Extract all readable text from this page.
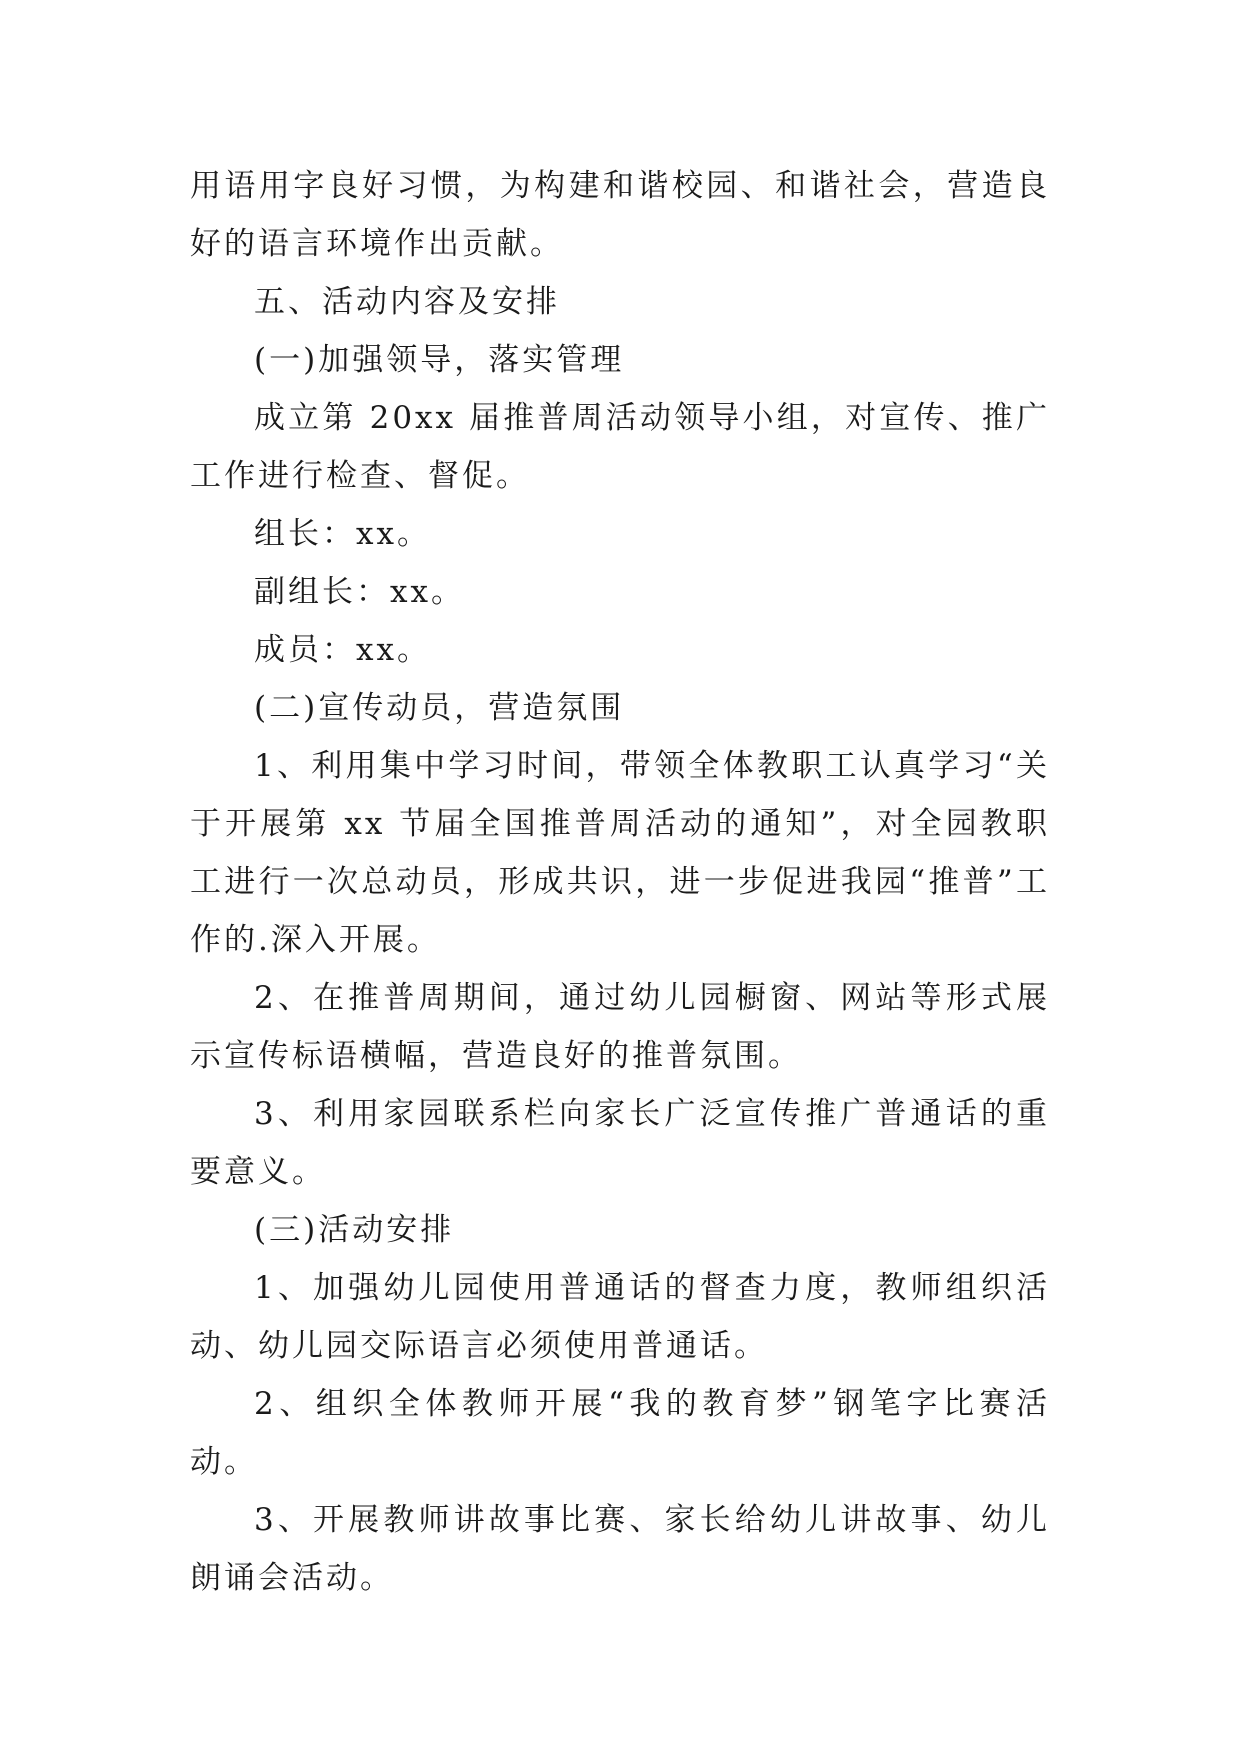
用语用字良好习惯，为构建和谐校园、和谐社会，营造良好的语言环境作出贡献。

五、活动内容及安排

(一)加强领导，落实管理

成立第 20xx 届推普周活动领导小组，对宣传、推广工作进行检查、督促。

组长：xx。

副组长：xx。

成员：xx。

(二)宣传动员，营造氛围

1、利用集中学习时间，带领全体教职工认真学习“关于开展第 xx 节届全国推普周活动的通知”，对全园教职工进行一次总动员，形成共识，进一步促进我园“推普”工作的.深入开展。

2、在推普周期间，通过幼儿园橱窗、网站等形式展示宣传标语横幅，营造良好的推普氛围。

3、利用家园联系栏向家长广泛宣传推广普通话的重要意义。

(三)活动安排

1、加强幼儿园使用普通话的督查力度，教师组织活动、幼儿园交际语言必须使用普通话。

2、组织全体教师开展“我的教育梦”钢笔字比赛活动。

3、开展教师讲故事比赛、家长给幼儿讲故事、幼儿朗诵会活动。
